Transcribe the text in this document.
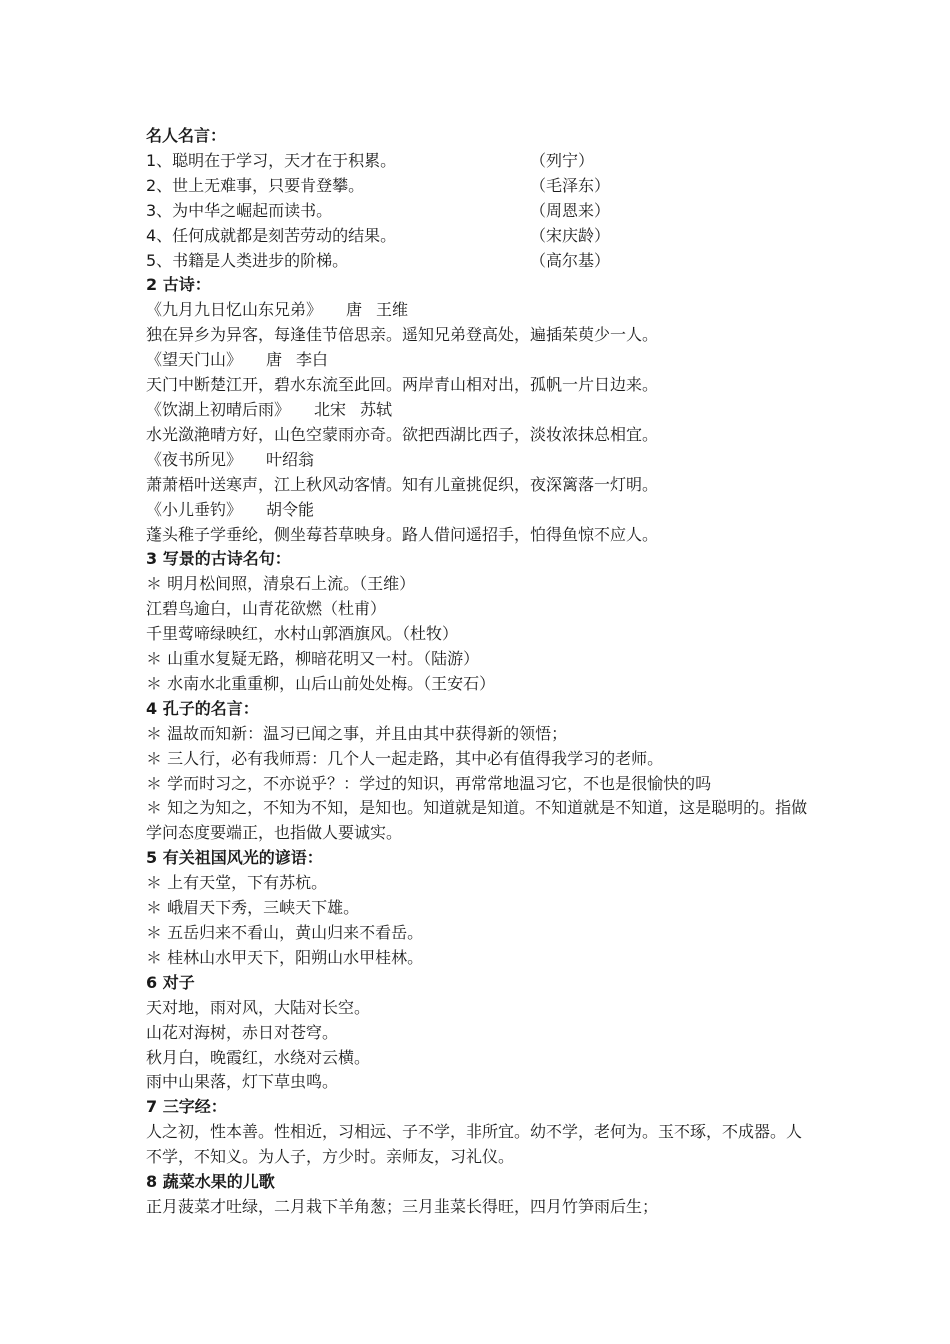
名人名言：
1、聪明在于学习，天才在于积累。	（列宁）
2、世上无难事，只要肯登攀。	（毛泽东）
3、为中华之崛起而读书。	（周恩来）
4、任何成就都是刻苦劳动的结果。	（宋庆龄）
5、书籍是人类进步的阶梯。	（高尔基）
2 古诗：
《九月九日忆山东兄弟》 唐 王维
独在异乡为异客，每逢佳节倍思亲。遥知兄弟登高处，遍插茱萸少一人。
《望天门山》 唐 李白
天门中断楚江开，碧水东流至此回。两岸青山相对出，孤帆一片日边来。
《饮湖上初晴后雨》 北宋 苏轼
水光潋滟晴方好，山色空蒙雨亦奇。欲把西湖比西子，淡妆浓抹总相宜。
《夜书所见》 叶绍翁
萧萧梧叶送寒声，江上秋风动客情。知有儿童挑促织，夜深篱落一灯明。
《小儿垂钓》 胡令能
蓬头稚子学垂纶，侧坐莓苔草映身。路人借问遥招手，怕得鱼惊不应人。
3 写景的古诗名句：
＊ 明月松间照，清泉石上流。（王维）
江碧鸟逾白，山青花欲燃（杜甫）
千里莺啼绿映红，水村山郭酒旗风。（杜牧）
＊ 山重水复疑无路，柳暗花明又一村。（陆游）
＊ 水南水北重重柳，山后山前处处梅。（王安石）
4 孔子的名言：
＊ 温故而知新：温习已闻之事，并且由其中获得新的领悟；
＊ 三人行，必有我师焉：几个人一起走路，其中必有值得我学习的老师。
＊ 学而时习之，不亦说乎？：学过的知识，再常常地温习它，不也是很愉快的吗
＊ 知之为知之，不知为不知，是知也。知道就是知道。不知道就是不知道，这是聪明的。指做学问态度要端正，也指做人要诚实。
5 有关祖国风光的谚语：
＊ 上有天堂，下有苏杭。
＊ 峨眉天下秀，三峡天下雄。
＊ 五岳归来不看山，黄山归来不看岳。
＊ 桂林山水甲天下，阳朔山水甲桂林。
6 对子
天对地，雨对风，大陆对长空。
山花对海树，赤日对苍穹。
秋月白，晚霞红，水绕对云横。
雨中山果落，灯下草虫鸣。
7 三字经：
人之初，性本善。性相近，习相远、子不学，非所宜。幼不学，老何为。玉不琢，不成器。人不学，不知义。为人子，方少时。亲师友，习礼仪。
8 蔬菜水果的儿歌
正月菠菜才吐绿，二月栽下羊角葱；三月韭菜长得旺，四月竹笋雨后生；
